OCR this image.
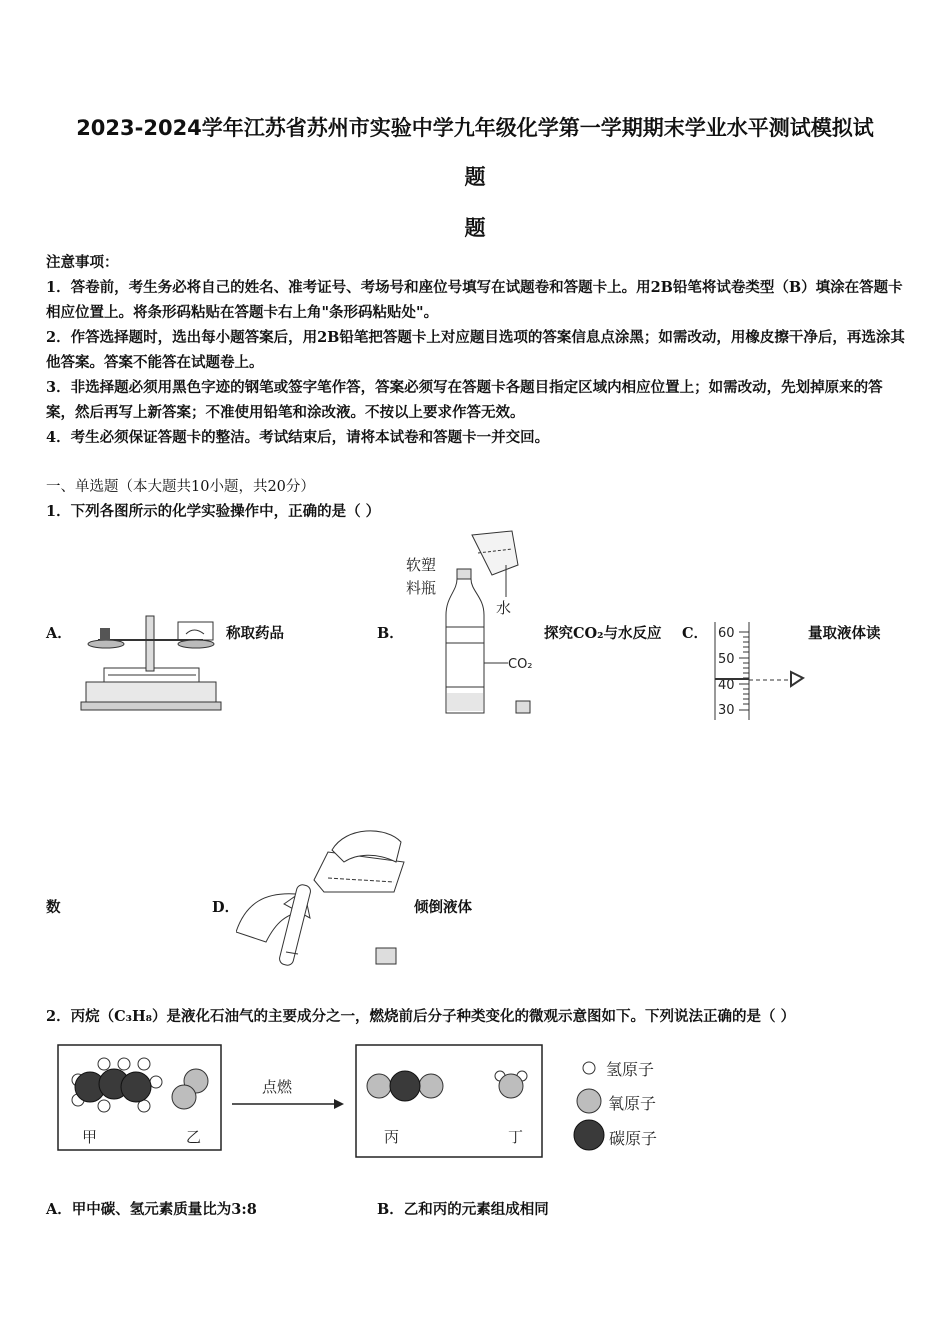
2023-2024学年江苏省苏州市实验中学九年级化学第一学期期末学业水平测试模拟试
题
题
注意事项：
1．答卷前，考生务必将自己的姓名、准考证号、考场号和座位号填写在试题卷和答题卡上。用2B铅笔将试卷类型（B）填涂在答题卡相应位置上。将条形码粘贴在答题卡右上角"条形码粘贴处"。
2．作答选择题时，选出每小题答案后，用2B铅笔把答题卡上对应题目选项的答案信息点涂黑；如需改动，用橡皮擦干净后，再选涂其他答案。答案不能答在试题卷上。
3．非选择题必须用黑色字迹的钢笔或签字笔作答，答案必须写在答题卡各题目指定区域内相应位置上；如需改动，先划掉原来的答案，然后再写上新答案；不准使用铅笔和涂改液。不按以上要求作答无效。
4．考生必须保证答题卡的整洁。考试结束后，请将本试卷和答题卡一并交回。
一、单选题（本大题共10小题，共20分）
1．下列各图所示的化学实验操作中，正确的是（ ）
A．	称取药品	B．
软塑
料瓶
水
CO₂
探究CO₂与水反应 C． 60
50
40
30
量取液体读
数	D．	倾倒液体
2．丙烷（C₃H₈）是液化石油气的主要成分之一，燃烧前后分子种类变化的微观示意图如下。下列说法正确的是（ ）
甲	乙
点燃
丙	丁
氢原子
氧原子
碳原子
A．甲中碳、氢元素质量比为3:8	B．乙和丙的元素组成相同
